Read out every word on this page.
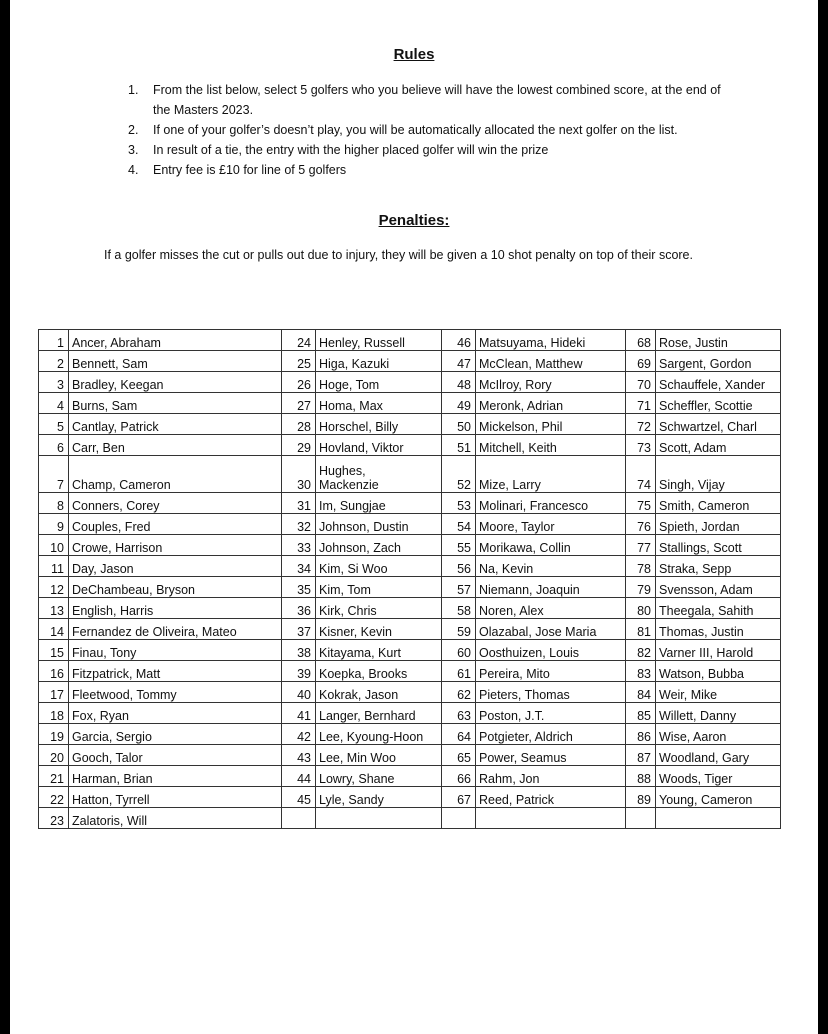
Rules
1. From the list below, select 5 golfers who you believe will have the lowest combined score, at the end of the Masters 2023.
2. If one of your golfer’s doesn’t play, you will be automatically allocated the next golfer on the list.
3. In result of a tie, the entry with the higher placed golfer will win the prize
4. Entry fee is £10 for line of 5 golfers
Penalties:
If a golfer misses the cut or pulls out due to injury, they will be given a 10 shot penalty on top of their score.
1	Ancer, Abraham	24	Henley, Russell	46	Matsuyama, Hideki	68	Rose, Justin
2	Bennett, Sam	25	Higa, Kazuki	47	McClean, Matthew	69	Sargent, Gordon
3	Bradley, Keegan	26	Hoge, Tom	48	McIlroy, Rory	70	Schauffele, Xander
4	Burns, Sam	27	Homa, Max	49	Meronk, Adrian	71	Scheffler, Scottie
5	Cantlay, Patrick	28	Horschel, Billy	50	Mickelson, Phil	72	Schwartzel, Charl
6	Carr, Ben	29	Hovland, Viktor	51	Mitchell, Keith	73	Scott, Adam
7	Champ, Cameron	30	Hughes, Mackenzie	52	Mize, Larry	74	Singh, Vijay
8	Conners, Corey	31	Im, Sungjae	53	Molinari, Francesco	75	Smith, Cameron
9	Couples, Fred	32	Johnson, Dustin	54	Moore, Taylor	76	Spieth, Jordan
10	Crowe, Harrison	33	Johnson, Zach	55	Morikawa, Collin	77	Stallings, Scott
11	Day, Jason	34	Kim, Si Woo	56	Na, Kevin	78	Straka, Sepp
12	DeChambeau, Bryson	35	Kim, Tom	57	Niemann, Joaquin	79	Svensson, Adam
13	English, Harris	36	Kirk, Chris	58	Noren, Alex	80	Theegala, Sahith
14	Fernandez de Oliveira, Mateo	37	Kisner, Kevin	59	Olazabal, Jose Maria	81	Thomas, Justin
15	Finau, Tony	38	Kitayama, Kurt	60	Oosthuizen, Louis	82	Varner III, Harold
16	Fitzpatrick, Matt	39	Koepka, Brooks	61	Pereira, Mito	83	Watson, Bubba
17	Fleetwood, Tommy	40	Kokrak, Jason	62	Pieters, Thomas	84	Weir, Mike
18	Fox, Ryan	41	Langer, Bernhard	63	Poston, J.T.	85	Willett, Danny
19	Garcia, Sergio	42	Lee, Kyoung-Hoon	64	Potgieter, Aldrich	86	Wise, Aaron
20	Gooch, Talor	43	Lee, Min Woo	65	Power, Seamus	87	Woodland, Gary
21	Harman, Brian	44	Lowry, Shane	66	Rahm, Jon	88	Woods, Tiger
22	Hatton, Tyrrell	45	Lyle, Sandy	67	Reed, Patrick	89	Young, Cameron
23	Zalatoris, Will						
